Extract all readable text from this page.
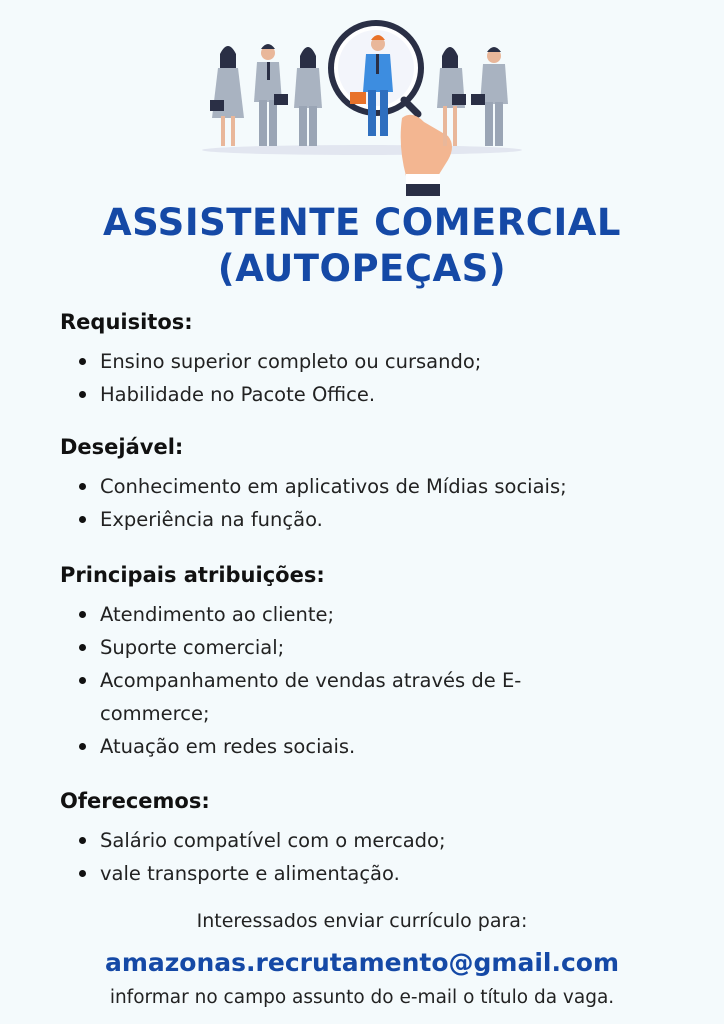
ASSISTENTE COMERCIAL
(AUTOPEÇAS)
Requisitos:
Ensino superior completo ou cursando;
Habilidade no Pacote Office.
Desejável:
Conhecimento em aplicativos de Mídias sociais;
Experiência na função.
Principais atribuições:
Atendimento ao cliente;
Suporte comercial;
Acompanhamento de vendas através de E-commerce;
Atuação em redes sociais.
Oferecemos:
Salário compatível com o mercado;
vale transporte e alimentação.
Interessados enviar currículo para:
amazonas.recrutamento@gmail.com
informar no campo assunto do e-mail o título da vaga.
